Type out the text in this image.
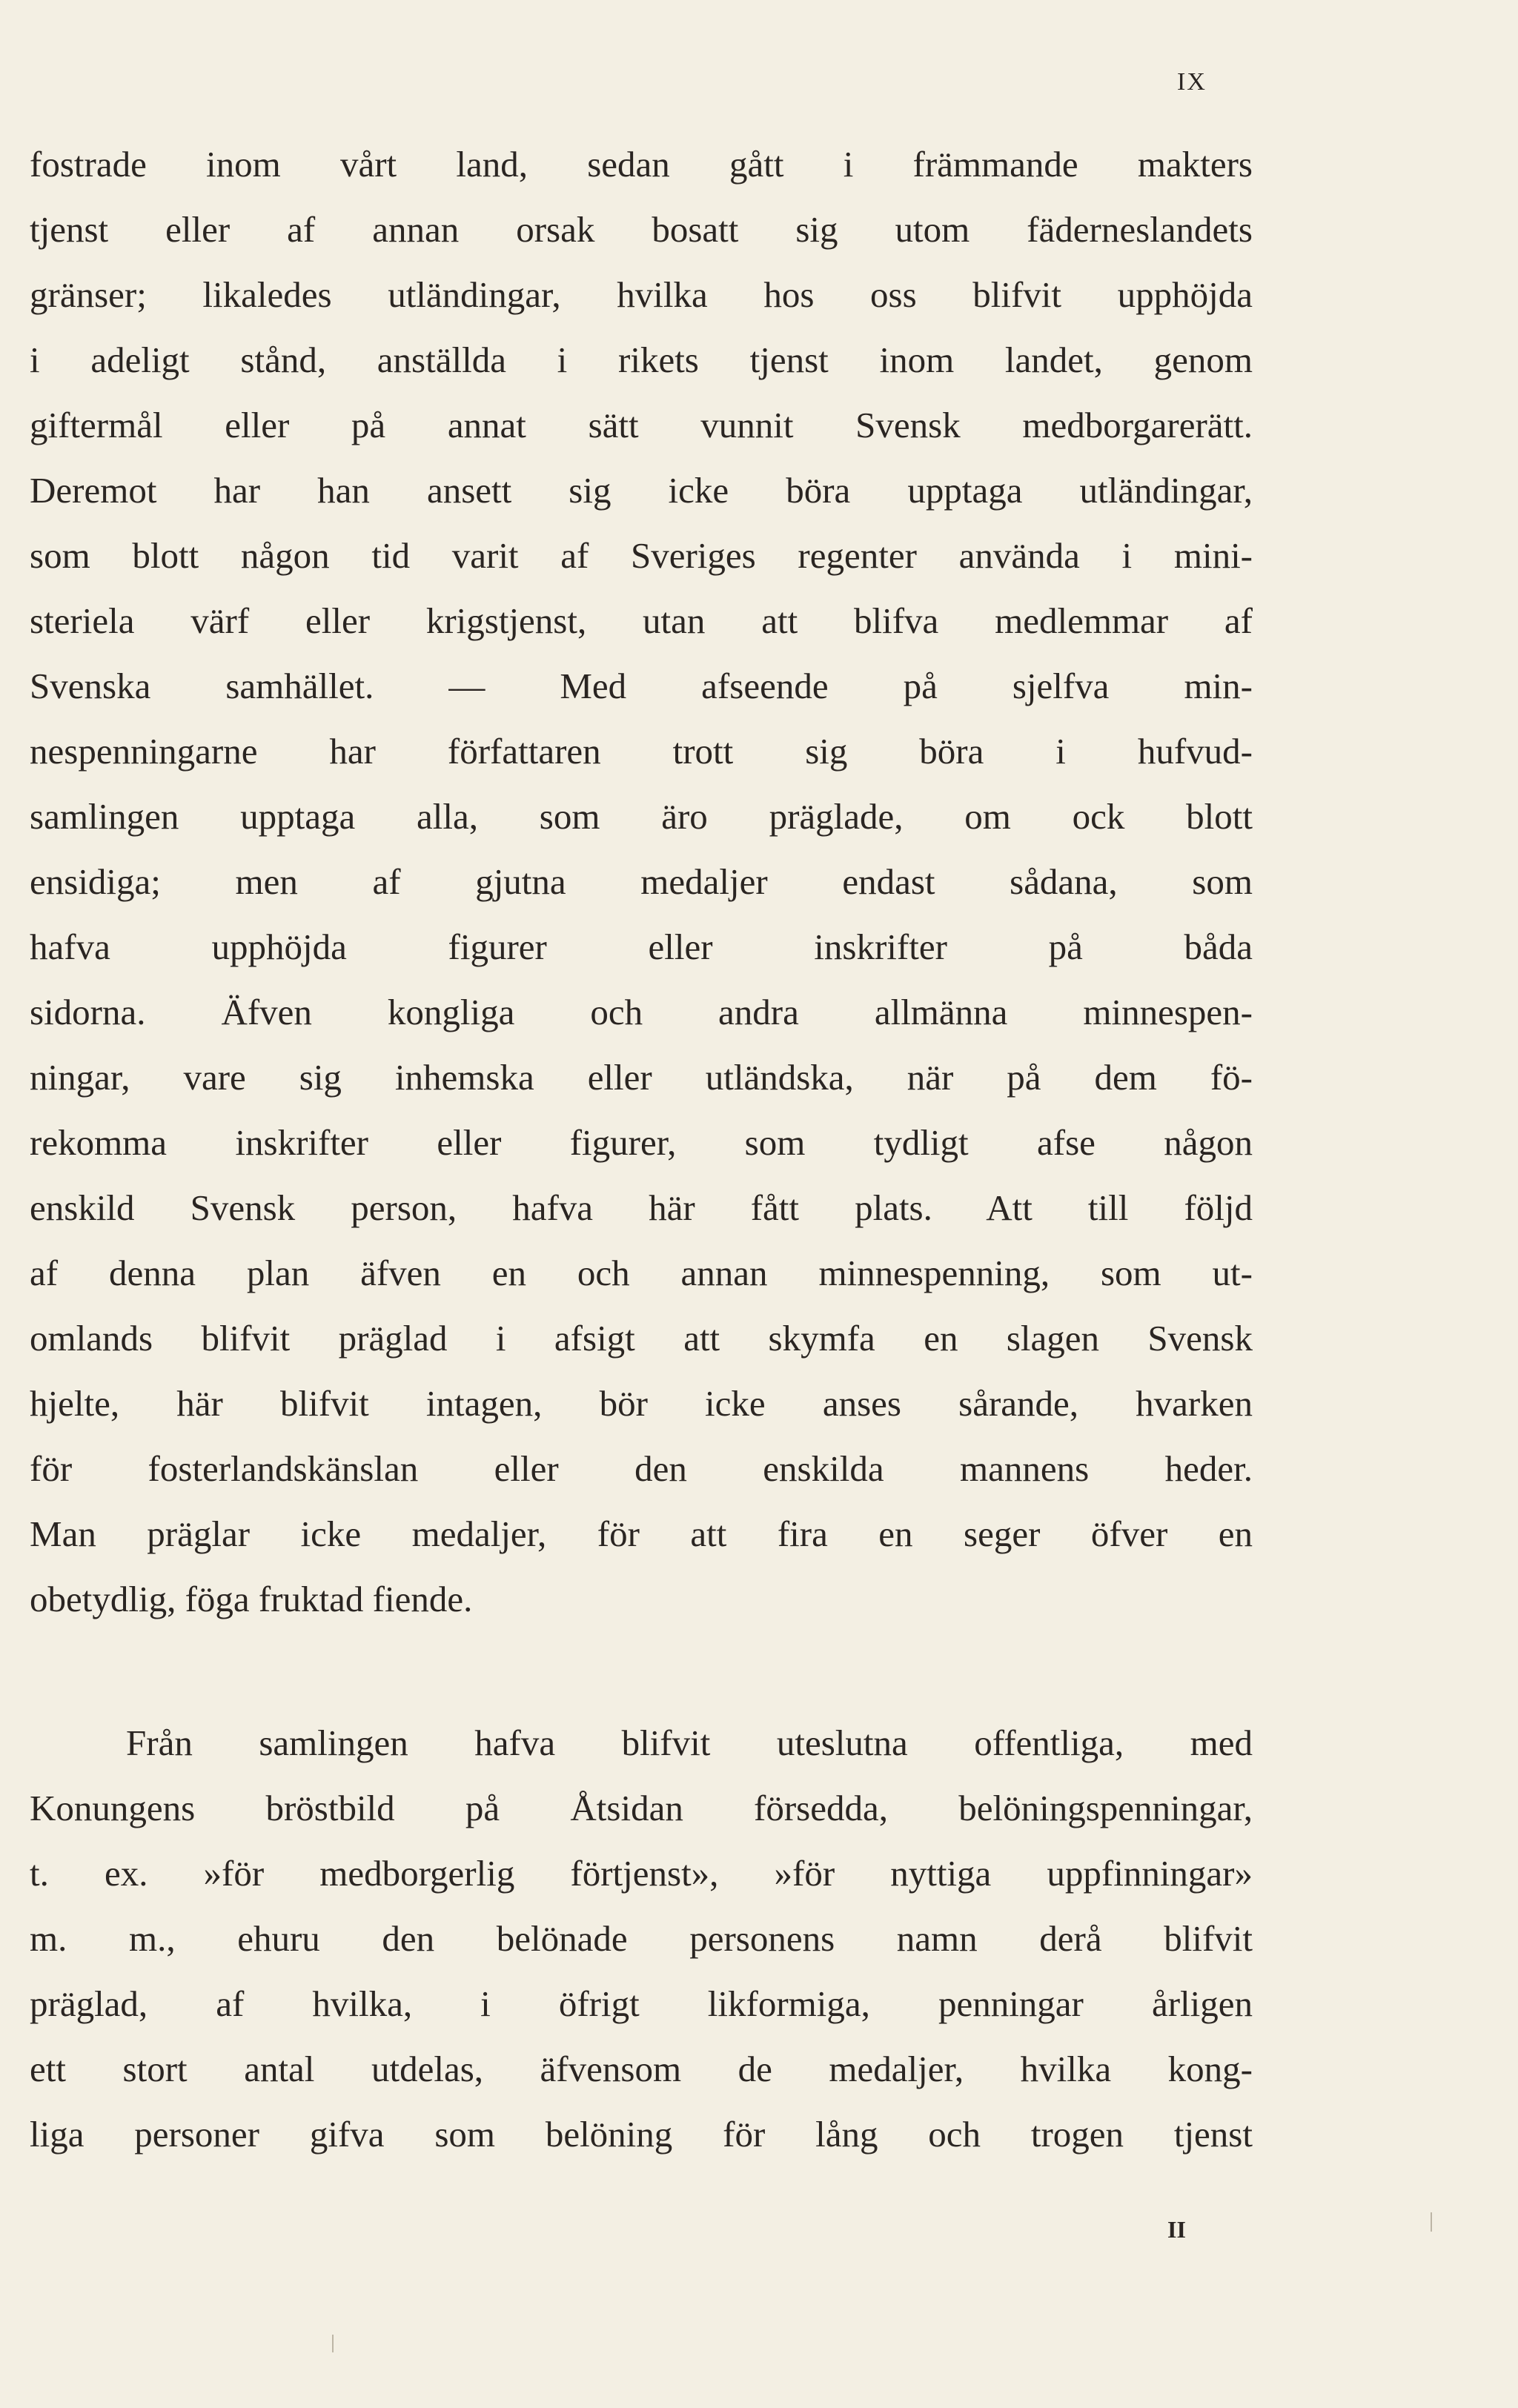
IX
fostrade inom vårt land, sedan gått i främmande makters
tjenst eller af annan orsak bosatt sig utom fäderneslandets
gränser; likaledes utländingar, hvilka hos oss blifvit upphöjda
i adeligt stånd, anställda i rikets tjenst inom landet, genom
giftermål eller på annat sätt vunnit Svensk medborgarerätt.
Deremot har han ansett sig icke böra upptaga utländingar,
som blott någon tid varit af Sveriges regenter använda i mini-
steriela värf eller krigstjenst, utan att blifva medlemmar af
Svenska samhället. — Med afseende på sjelfva min-
nespenningarne har författaren trott sig böra i hufvud-
samlingen upptaga alla, som äro präglade, om ock blott
ensidiga; men af gjutna medaljer endast sådana, som
hafva upphöjda figurer eller inskrifter på båda
sidorna. Äfven kongliga och andra allmänna minnespen-
ningar, vare sig inhemska eller utländska, när på dem fö-
rekomma inskrifter eller figurer, som tydligt afse någon
enskild Svensk person, hafva här fått plats. Att till följd
af denna plan äfven en och annan minnespenning, som ut-
omlands blifvit präglad i afsigt att skymfa en slagen Svensk
hjelte, här blifvit intagen, bör icke anses sårande, hvarken
för fosterlandskänslan eller den enskilda mannens heder.
Man präglar icke medaljer, för att fira en seger öfver en
obetydlig, föga fruktad fiende.
Från samlingen hafva blifvit uteslutna offentliga, med
Konungens bröstbild på Åtsidan försedda, belöningspenningar,
t. ex. »för medborgerlig förtjenst», »för nyttiga uppfinningar»
m. m., ehuru den belönade personens namn derå blifvit
präglad, af hvilka, i öfrigt likformiga, penningar årligen
ett stort antal utdelas, äfvensom de medaljer, hvilka kong-
liga personer gifva som belöning för lång och trogen tjenst
II
